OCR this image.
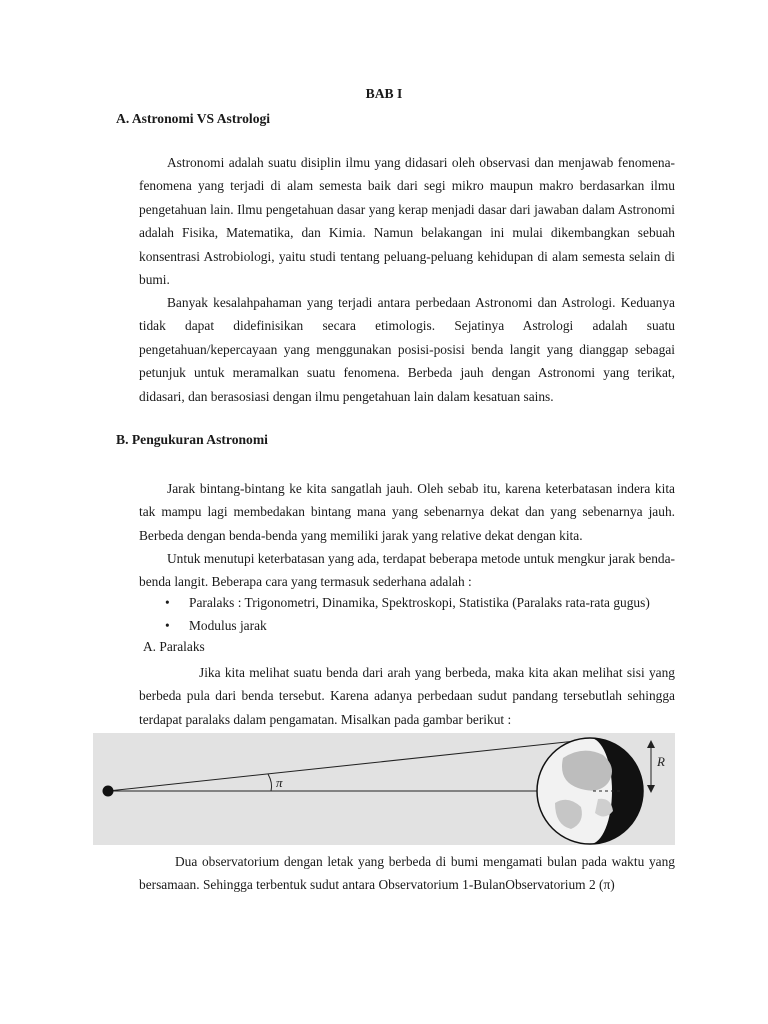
BAB I
A. Astronomi VS Astrologi

Astronomi adalah suatu disiplin ilmu yang didasari oleh observasi dan menjawab fenomena-fenomena yang terjadi di alam semesta baik dari segi mikro maupun makro berdasarkan ilmu pengetahuan lain. Ilmu pengetahuan dasar yang kerap menjadi dasar dari jawaban dalam Astronomi adalah Fisika, Matematika, dan Kimia. Namun belakangan ini mulai dikembangkan sebuah konsentrasi Astrobiologi, yaitu studi tentang peluang-peluang kehidupan di alam semesta selain di bumi.

Banyak kesalahpahaman yang terjadi antara perbedaan Astronomi dan Astrologi. Keduanya tidak dapat didefinisikan secara etimologis. Sejatinya Astrologi adalah suatu pengetahuan/kepercayaan yang menggunakan posisi-posisi benda langit yang dianggap sebagai petunjuk untuk meramalkan suatu fenomena. Berbeda jauh dengan Astronomi yang terikat, didasari, dan berasosiasi dengan ilmu pengetahuan lain dalam kesatuan sains.

B. Pengukuran Astronomi

Jarak bintang-bintang ke kita sangatlah jauh. Oleh sebab itu, karena keterbatasan indera kita tak mampu lagi membedakan bintang mana yang sebenarnya dekat dan yang sebenarnya jauh. Berbeda dengan benda-benda yang memiliki jarak yang relative dekat dengan kita.

Untuk menutupi keterbatasan yang ada, terdapat beberapa metode untuk mengkur jarak benda-benda langit. Beberapa cara yang termasuk sederhana adalah :

• Paralaks : Trigonometri, Dinamika, Spektroskopi, Statistika (Paralaks rata-rata gugus)
• Modulus jarak
A. Paralaks

Jika kita melihat suatu benda dari arah yang berbeda, maka kita akan melihat sisi yang berbeda pula dari benda tersebut. Karena adanya perbedaan sudut pandang tersebutlah sehingga terdapat paralaks dalam pengamatan. Misalkan pada gambar berikut :

π
R

Dua observatorium dengan letak yang berbeda di bumi mengamati bulan pada waktu yang bersamaan. Sehingga terbentuk sudut antara Observatorium 1-BulanObservatorium 2 (π)
